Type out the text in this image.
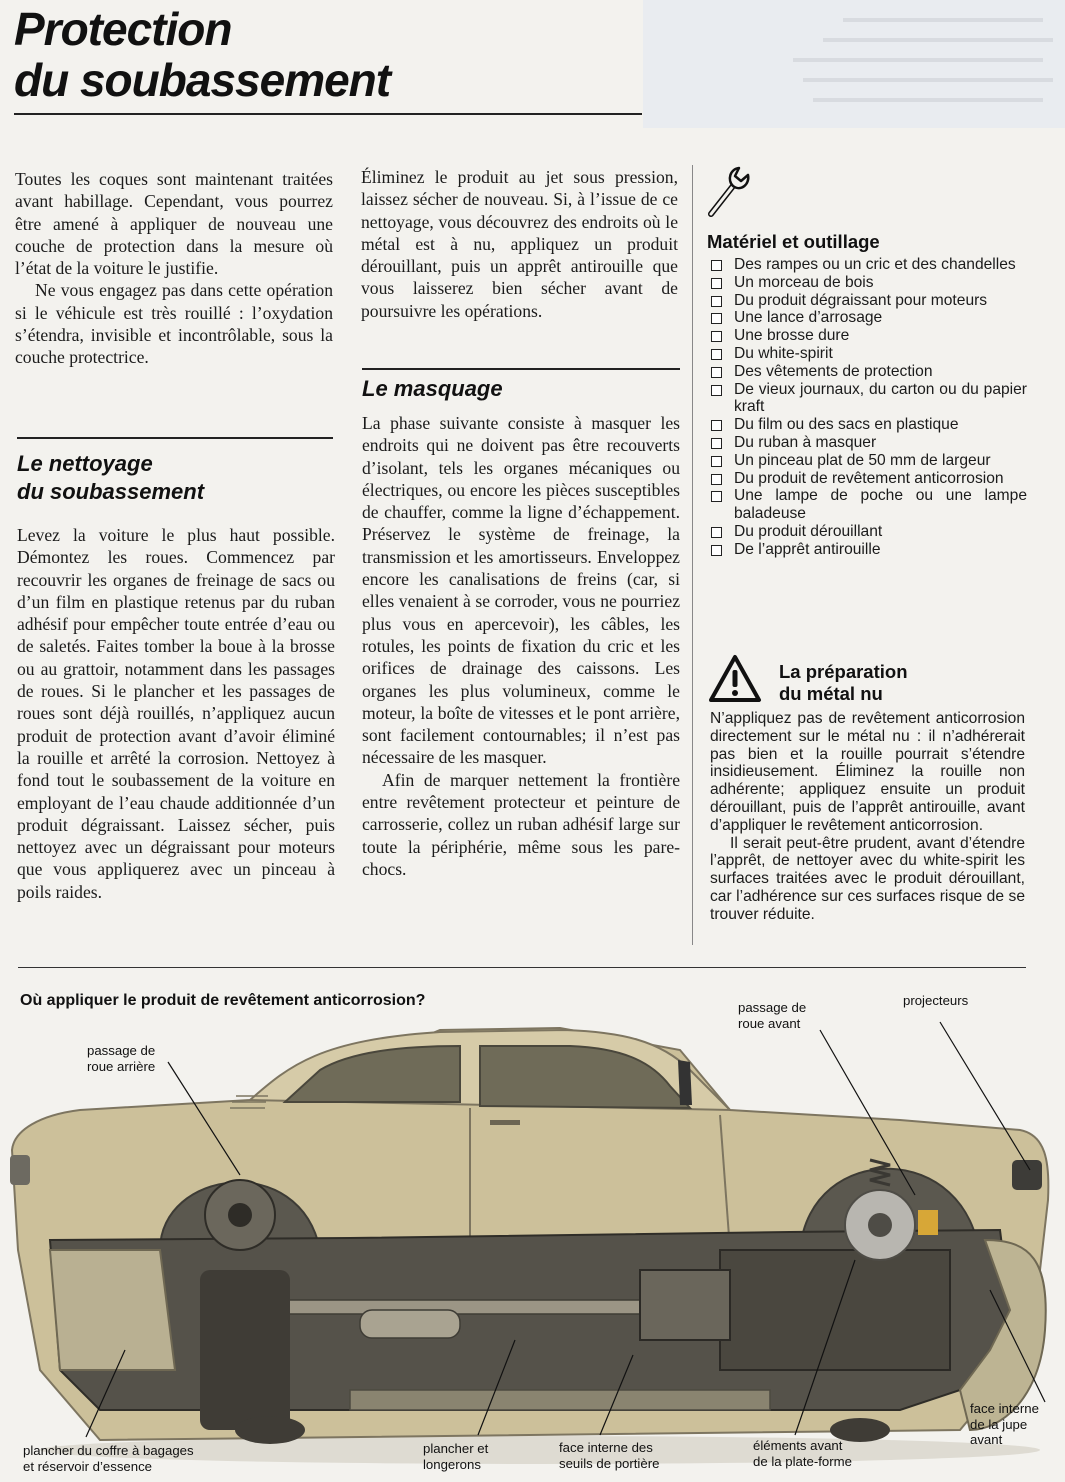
Protection
du soubassement

Toutes les coques sont maintenant traitées avant habillage. Cependant, vous pourrez être amené à appliquer de nouveau une couche de protection dans la mesure où l’état de la voiture le justifie.

Ne vous engagez pas dans cette opération si le véhicule est très rouillé : l’oxydation s’étendra, invisible et incontrôlable, sous la couche protectrice.

Le nettoyage
du soubassement

Levez la voiture le plus haut possible. Démontez les roues. Commencez par recouvrir les organes de freinage de sacs ou d’un film en plastique retenus par du ruban adhésif pour empêcher toute entrée d’eau ou de saletés. Faites tomber la boue à la brosse ou au grattoir, notamment dans les passages de roues. Si le plancher et les passages de roues sont déjà rouillés, n’appliquez aucun produit de protection avant d’avoir éliminé la rouille et arrêté la corrosion. Nettoyez à fond tout le soubassement de la voiture en employant de l’eau chaude additionnée d’un produit dégraissant. Laissez sécher, puis nettoyez avec un dégraissant pour moteurs que vous appliquerez avec un pinceau à poils raides.

Éliminez le produit au jet sous pression, laissez sécher de nouveau. Si, à l’issue de ce nettoyage, vous découvrez des endroits où le métal est à nu, appliquez un produit dérouillant, puis un apprêt antirouille que vous laisserez bien sécher avant de poursuivre les opérations.

Le masquage

La phase suivante consiste à masquer les endroits qui ne doivent pas être recouverts d’isolant, tels les organes mécaniques ou électriques, ou encore les pièces susceptibles de chauffer, comme la ligne d’échappement. Préservez le système de freinage, la transmission et les amortisseurs. Enveloppez encore les canalisations de freins (car, si elles venaient à se corroder, vous ne pourriez plus vous en apercevoir), les câbles, les rotules, les points de fixation du cric et les orifices de drainage des caissons. Les organes les plus volumineux, comme le moteur, la boîte de vitesses et le pont arrière, sont facilement contournables; il n’est pas nécessaire de les masquer.

Afin de marquer nettement la frontière entre revêtement protecteur et peinture de carrosserie, collez un ruban adhésif large sur toute la périphérie, même sous les pare-chocs.

Matériel et outillage
Des rampes ou un cric et des chandelles
Un morceau de bois
Du produit dégraissant pour moteurs
Une lance d’arrosage
Une brosse dure
Du white-spirit
Des vêtements de protection
De vieux journaux, du carton ou du papier kraft
Du film ou des sacs en plastique
Du ruban à masquer
Un pinceau plat de 50 mm de largeur
Du produit de revêtement anticorrosion
Une lampe de poche ou une lampe baladeuse
Du produit dérouillant
De l’apprêt antirouille
La préparation
du métal nu

N’appliquez pas de revêtement anticorrosion directement sur le métal nu : il n’adhérerait pas bien et la rouille pourrait s’étendre insidieusement. Éliminez la rouille non adhérente; appliquez ensuite un produit dérouillant, puis de l’apprêt antirouille, avant d’appliquer le revêtement anticorrosion.

Il serait peut-être prudent, avant d’étendre l’apprêt, de nettoyer avec du white-spirit les surfaces traitées avec le produit dérouillant, car l’adhérence sur ces surfaces risque de se trouver réduite.

Où appliquer le produit de revêtement anticorrosion?
passage de
roue arrière
passage de
roue avant
projecteurs
plancher du coffre à bagages
et réservoir d’essence
plancher et
longerons
face interne des
seuils de portière
éléments avant
de la plate-forme
face interne
de la jupe
avant
